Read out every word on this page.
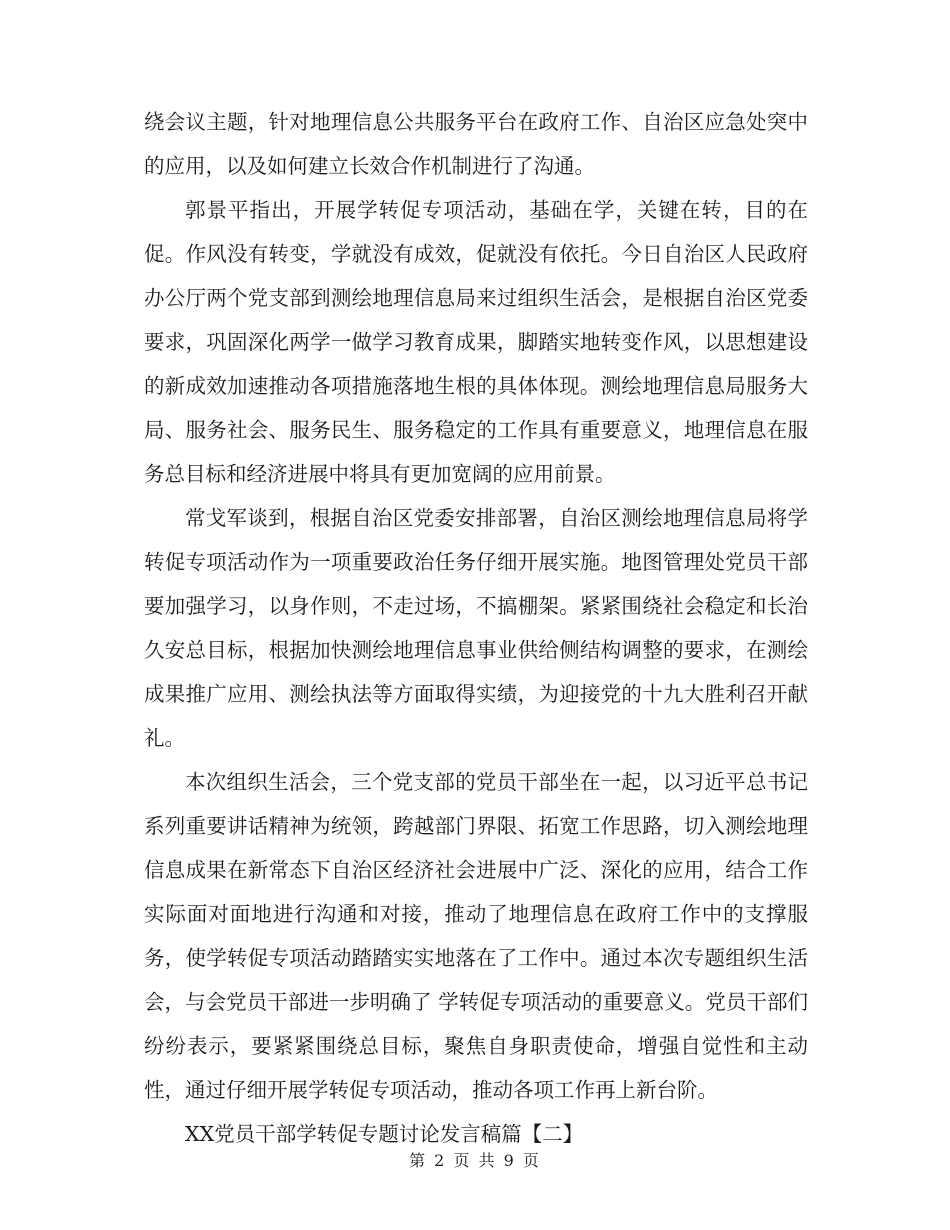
绕会议主题，针对地理信息公共服务平台在政府工作、自治区应急处突中的应用，以及如何建立长效合作机制进行了沟通。

郭景平指出，开展学转促专项活动，基础在学，关键在转，目的在促。作风没有转变，学就没有成效，促就没有依托。今日自治区人民政府办公厅两个党支部到测绘地理信息局来过组织生活会，是根据自治区党委要求，巩固深化两学一做学习教育成果，脚踏实地转变作风，以思想建设的新成效加速推动各项措施落地生根的具体体现。测绘地理信息局服务大局、服务社会、服务民生、服务稳定的工作具有重要意义，地理信息在服务总目标和经济进展中将具有更加宽阔的应用前景。

常戈军谈到，根据自治区党委安排部署，自治区测绘地理信息局将学转促专项活动作为一项重要政治任务仔细开展实施。地图管理处党员干部要加强学习，以身作则，不走过场，不搞棚架。紧紧围绕社会稳定和长治久安总目标，根据加快测绘地理信息事业供给侧结构调整的要求，在测绘成果推广应用、测绘执法等方面取得实绩，为迎接党的十九大胜利召开献礼。

本次组织生活会，三个党支部的党员干部坐在一起，以习近平总书记系列重要讲话精神为统领，跨越部门界限、拓宽工作思路，切入测绘地理信息成果在新常态下自治区经济社会进展中广泛、深化的应用，结合工作实际面对面地进行沟通和对接，推动了地理信息在政府工作中的支撑服务，使学转促专项活动踏踏实实地落在了工作中。通过本次专题组织生活会，与会党员干部进一步明确了 学转促专项活动的重要意义。党员干部们纷纷表示，要紧紧围绕总目标，聚焦自身职责使命，增强自觉性和主动性，通过仔细开展学转促专项活动，推动各项工作再上新台阶。

XX党员干部学转促专题讨论发言稿篇【二】

第 2 页 共 9 页
